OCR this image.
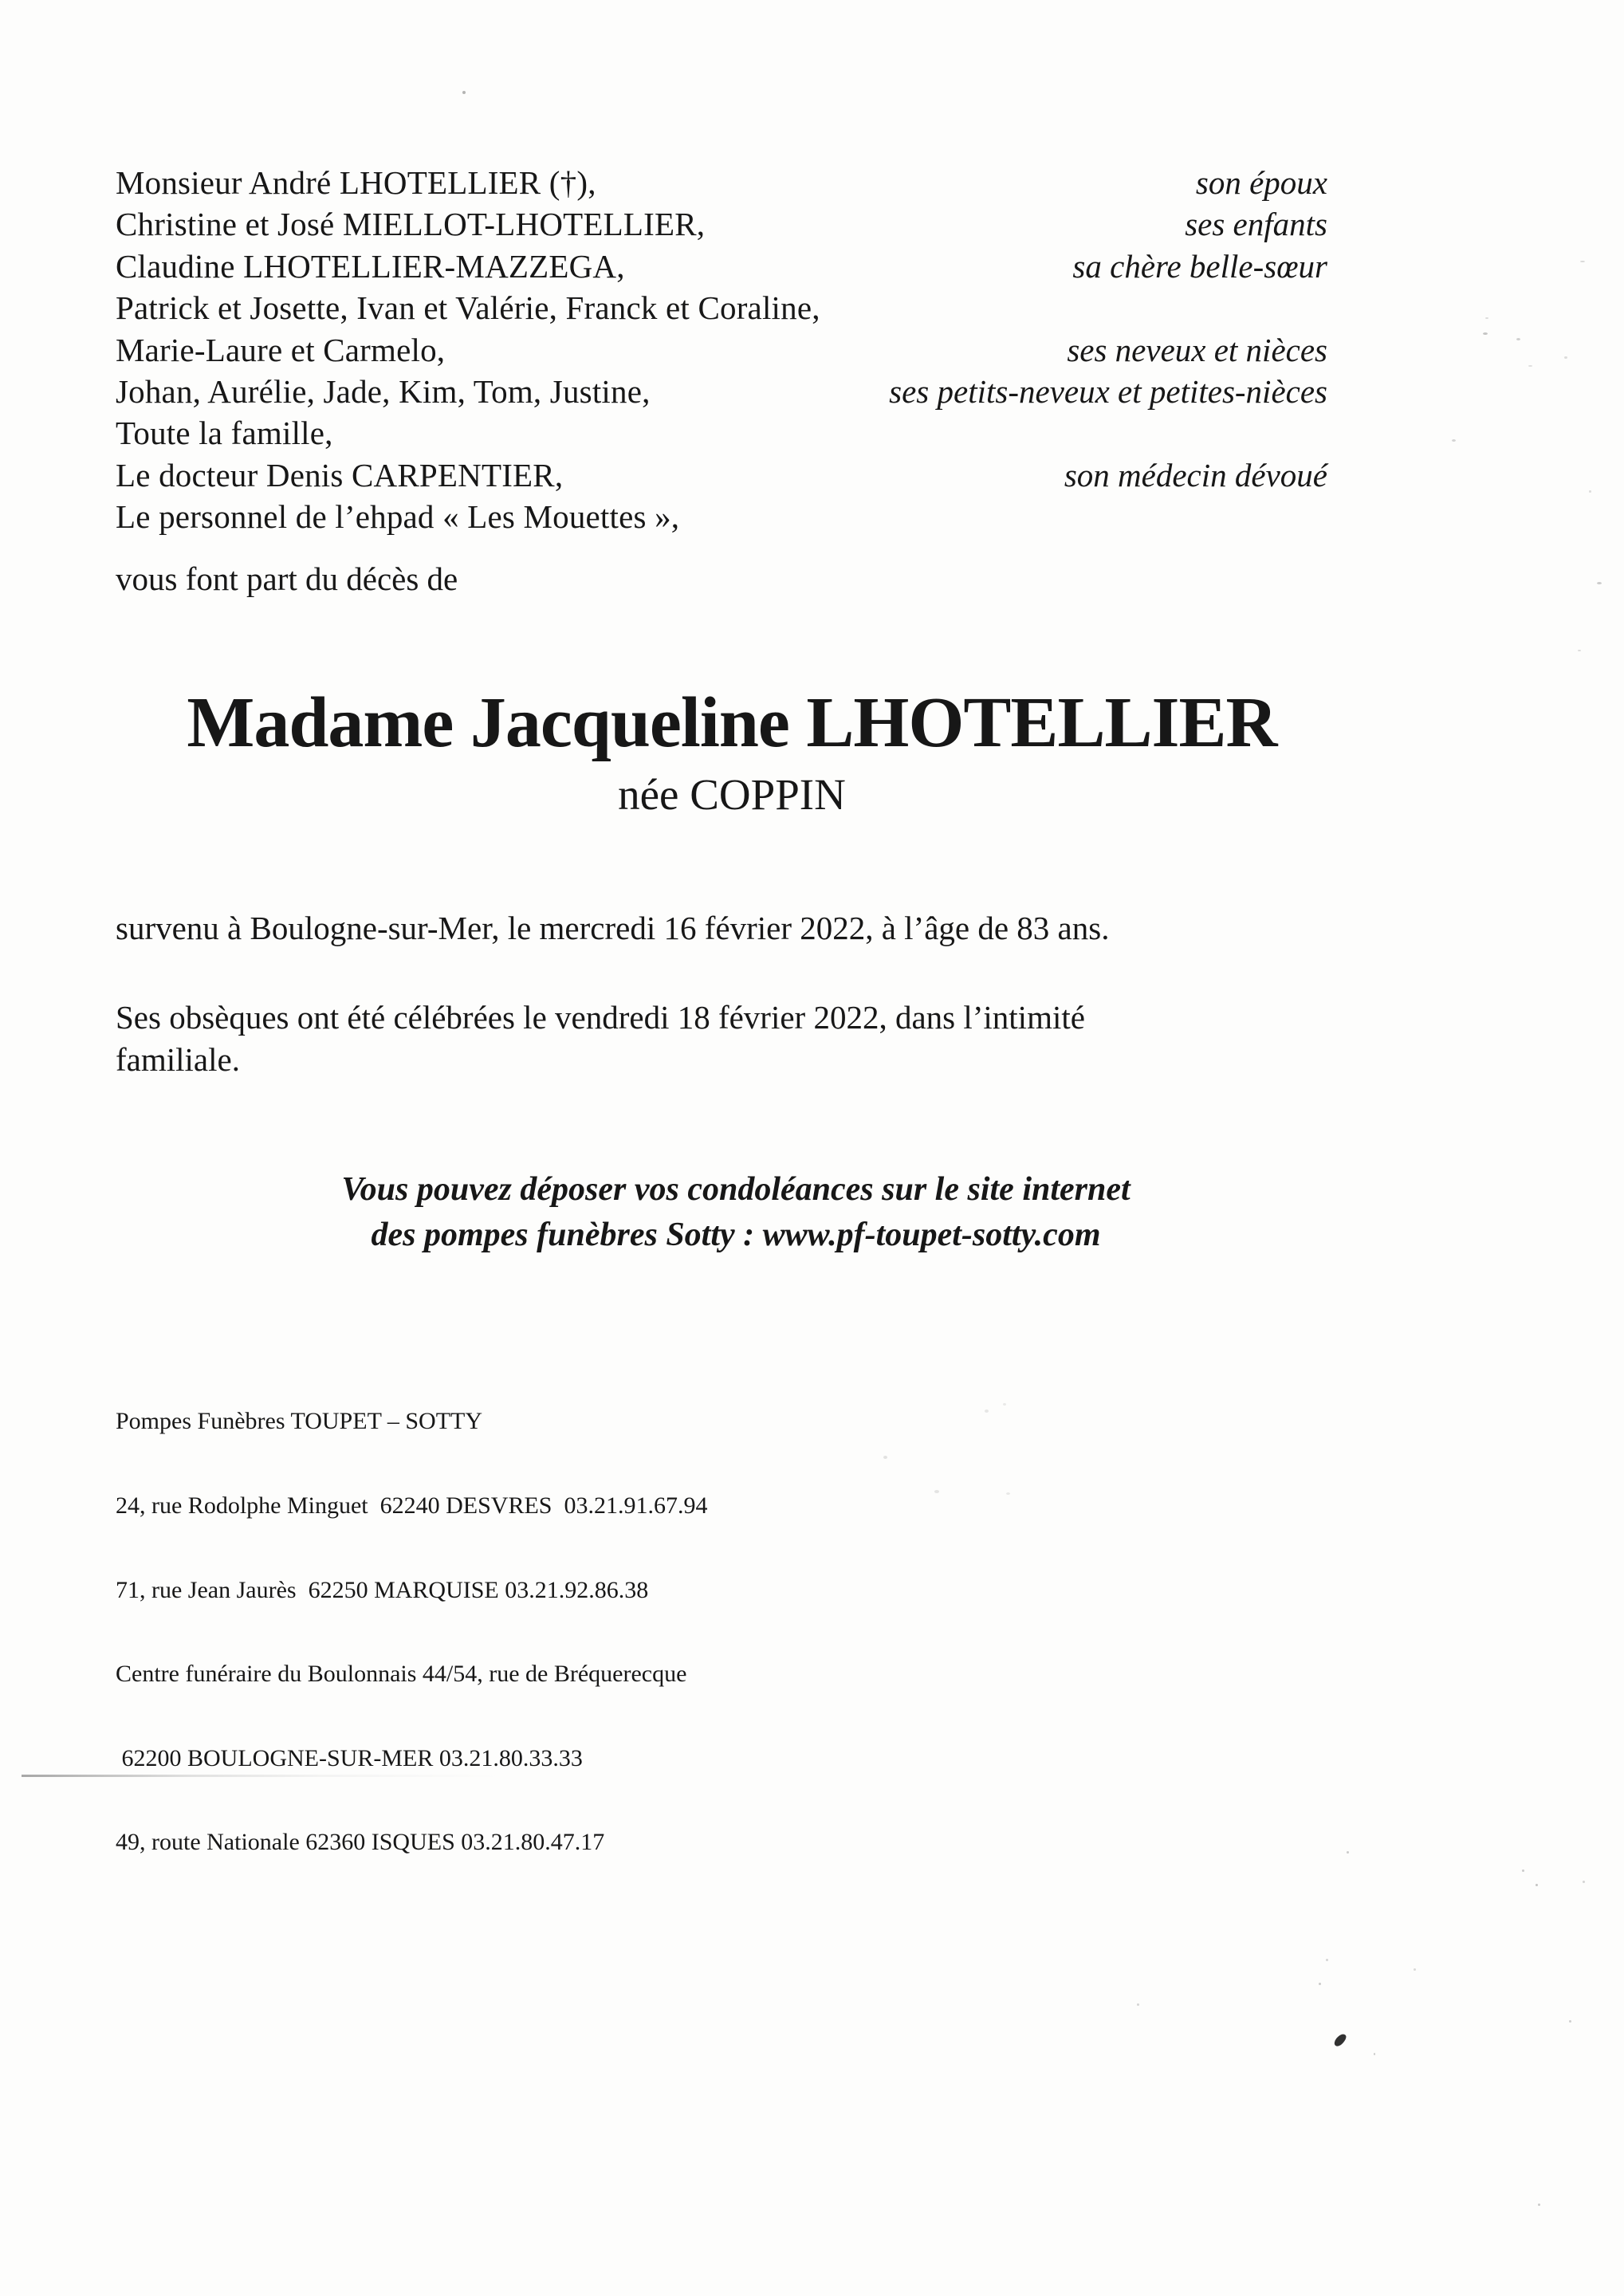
Monsieur André LHOTELLIER (†),	son époux
Christine et José MIELLOT-LHOTELLIER,	ses enfants
Claudine LHOTELLIER-MAZZEGA,	sa chère belle-sœur
Patrick et Josette, Ivan et Valérie, Franck et Coraline,
Marie-Laure et Carmelo,	ses neveux et nièces
Johan, Aurélie, Jade, Kim, Tom, Justine,	ses petits-neveux et petites-nièces
Toute la famille,
Le docteur Denis CARPENTIER,	son médecin dévoué
Le personnel de l’ehpad « Les Mouettes »,
vous font part du décès de
Madame Jacqueline LHOTELLIER
née COPPIN
survenu à Boulogne-sur-Mer, le mercredi 16 février 2022, à l’âge de 83 ans.
Ses obsèques ont été célébrées le vendredi 18 février 2022, dans l’intimité
familiale.
Vous pouvez déposer vos condoléances sur le site internet
des pompes funèbres Sotty : www.pf-toupet-sotty.com

Pompes Funèbres TOUPET – SOTTY

24, rue Rodolphe Minguet  62240 DESVRES  03.21.91.67.94

71, rue Jean Jaurès  62250 MARQUISE 03.21.92.86.38

Centre funéraire du Boulonnais 44/54, rue de Bréquerecque

62200 BOULOGNE-SUR-MER 03.21.80.33.33

49, route Nationale 62360 ISQUES 03.21.80.47.17
